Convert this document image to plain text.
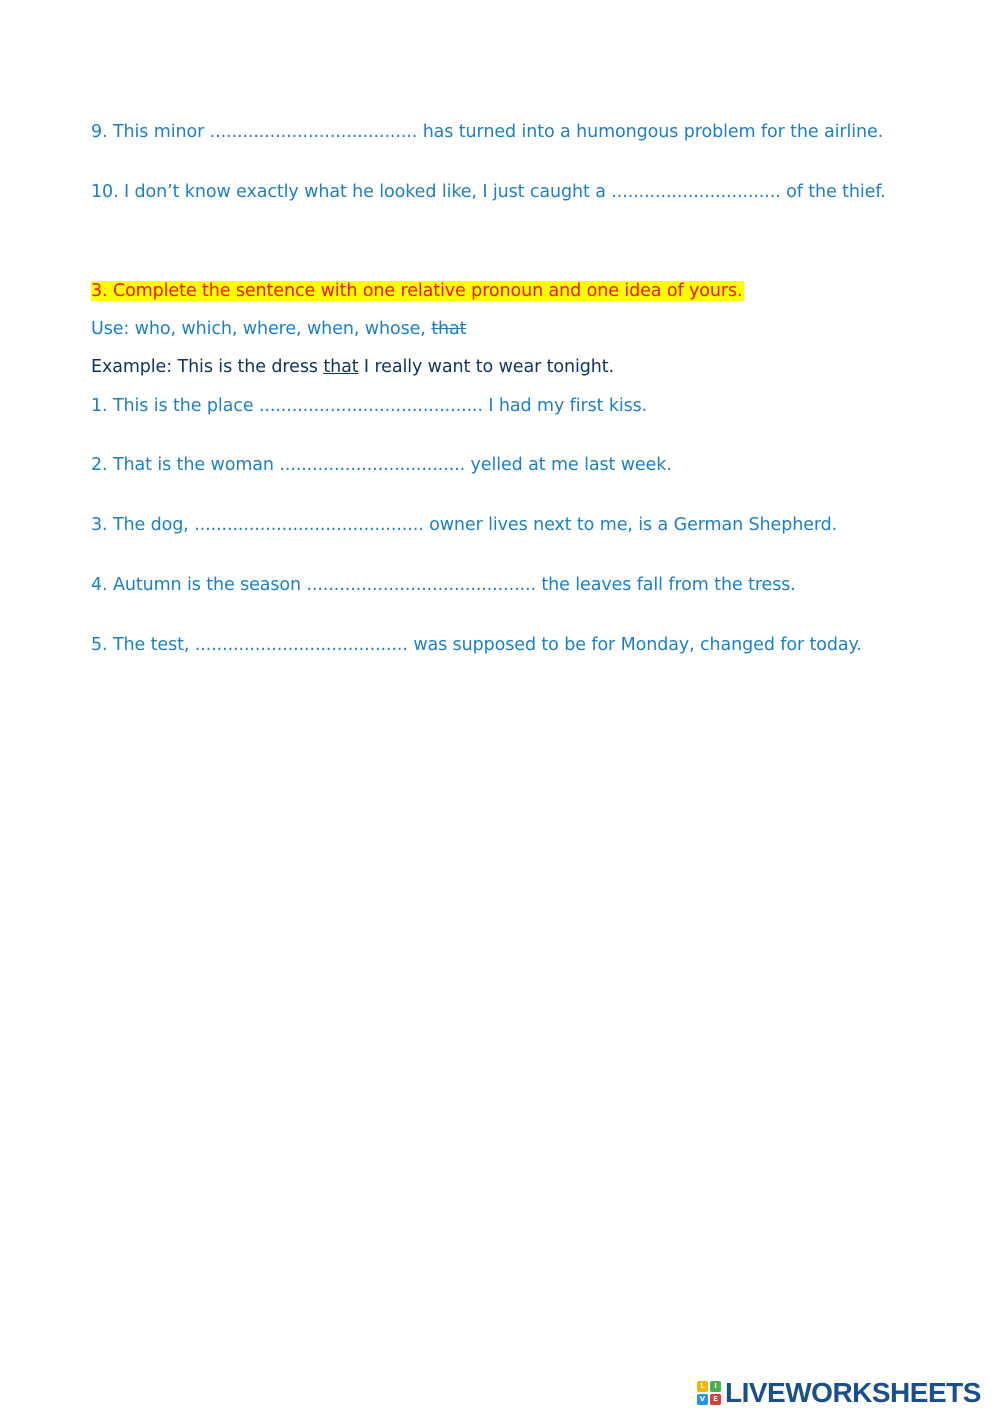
9. This minor ...................................... has turned into a humongous problem for the airline.
10. I don’t know exactly what he looked like, I just caught a ............................... of the thief.
3. Complete the sentence with one relative pronoun and one idea of yours.
Use: who, which, where, when, whose, that
Example: This is the dress that I really want to wear tonight.
1. This is the place ......................................... I had my first kiss.
2. That is the woman .................................. yelled at me last week.
3. The dog, .......................................... owner lives next to me, is a German Shepherd.
4. Autumn is the season .......................................... the leaves fall from the tress.
5. The test, ....................................... was supposed to be for Monday, changed for today.
L	I
V	E LIVEWORKSHEETS
